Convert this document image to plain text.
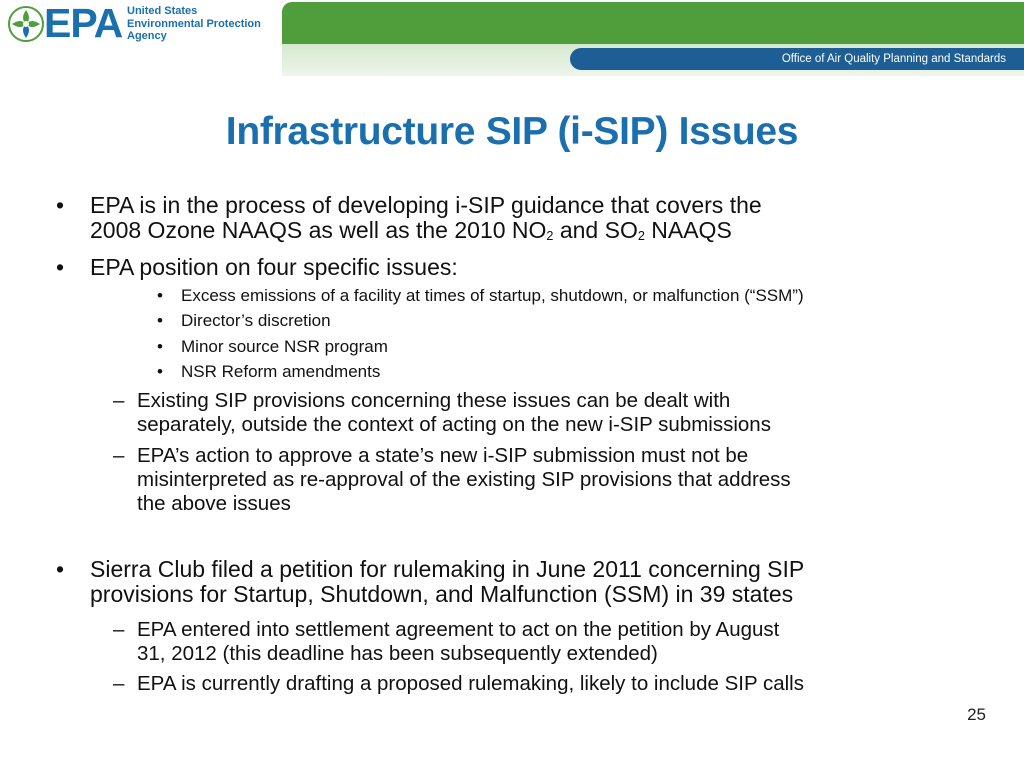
EPA United States
Environmental Protection
Agency
Office of Air Quality Planning and Standards
Infrastructure SIP (i-SIP) Issues
• EPA is in the process of developing i-SIP guidance that covers the
2008 Ozone NAAQS as well as the 2010 $NO_2$ and $SO_2$ NAAQS
• EPA position on four specific issues:
• Excess emissions of a facility at times of startup, shutdown, or malfunction (“SSM”)
• Director’s discretion
• Minor source NSR program
• NSR Reform amendments
– Existing SIP provisions concerning these issues can be dealt with
separately, outside the context of acting on the new i-SIP submissions
– EPA’s action to approve a state’s new i-SIP submission must not be
misinterpreted as re-approval of the existing SIP provisions that address
the above issues
• Sierra Club filed a petition for rulemaking in June 2011 concerning SIP
provisions for Startup, Shutdown, and Malfunction (SSM) in 39 states
– EPA entered into settlement agreement to act on the petition by August
31, 2012 (this deadline has been subsequently extended)
– EPA is currently drafting a proposed rulemaking, likely to include SIP calls
25
